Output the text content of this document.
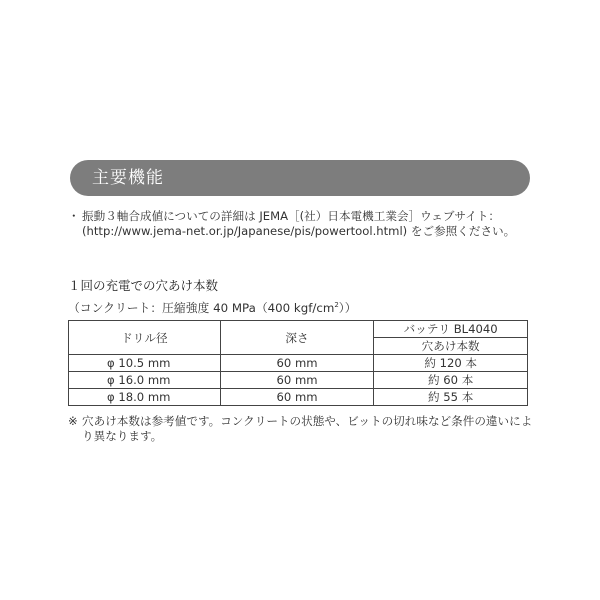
主要機能
・ 振動３軸合成値についての詳細は JEMA［(社）日本電機工業会］ウェブサイト：(http://www.jema-net.or.jp/Japanese/pis/powertool.html) をご参照ください。
１回の充電での穴あけ本数
（コンクリート：圧縮強度 40 MPa（400 kgf/$cm^2$））
ドリル径	深さ	バッテリ BL4040
		穴あけ本数
φ 10.5 mm	60 mm	約 120 本
φ 16.0 mm	60 mm	約 60 本
φ 18.0 mm	60 mm	約 55 本
※ 穴あけ本数は参考値です。コンクリートの状態や、ビットの切れ味など条件の違いにより異なります。
